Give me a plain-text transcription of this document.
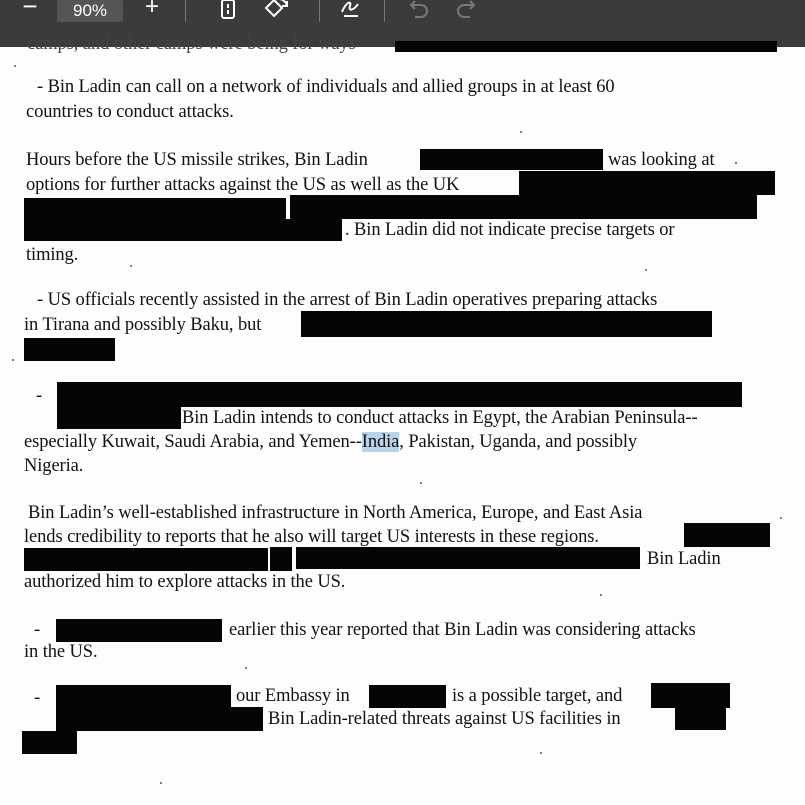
−	90%	+
camps, and other camps were being for ways
- Bin Ladin can call on a network of individuals and allied groups in at least 60
countries to conduct attacks.
Hours before the US missile strikes, Bin Ladin	was looking at
options for further attacks against the US as well as the UK
. Bin Ladin did not indicate precise targets or
timing.
- US officials recently assisted in the arrest of Bin Ladin operatives preparing attacks
in Tirana and possibly Baku, but
-
Bin Ladin intends to conduct attacks in Egypt, the Arabian Peninsula--
especially Kuwait, Saudi Arabia, and Yemen--India, Pakistan, Uganda, and possibly
Nigeria.
Bin Ladin’s well-established infrastructure in North America, Europe, and East Asia
lends credibility to reports that he also will target US interests in these regions.
Bin Ladin
authorized him to explore attacks in the US.
-	earlier this year reported that Bin Ladin was considering attacks
in the US.
-	our Embassy in	is a possible target, and
Bin Ladin-related threats against US facilities in
